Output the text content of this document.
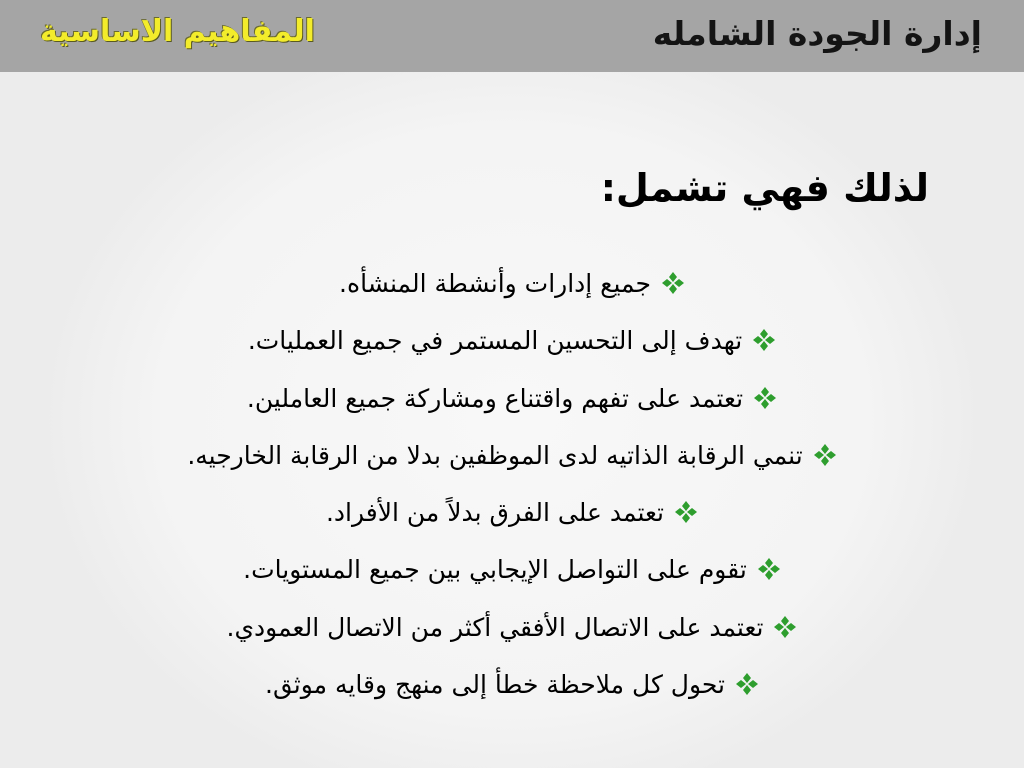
إدارة الجودة الشامله
المفاهيم الاساسية
لذلك فهي تشمل:
جميع إدارات وأنشطة المنشأه.
تهدف إلى التحسين المستمر في جميع العمليات.
تعتمد على تفهم واقتناع ومشاركة جميع العاملين.
تنمي الرقابة الذاتيه لدى الموظفين بدلا من الرقابة الخارجيه.
تعتمد على الفرق بدلاً من الأفراد.
تقوم على التواصل الإيجابي بين جميع المستويات.
تعتمد على الاتصال الأفقي أكثر من الاتصال العمودي.
تحول كل ملاحظة خطأ إلى منهج وقايه موثق.
